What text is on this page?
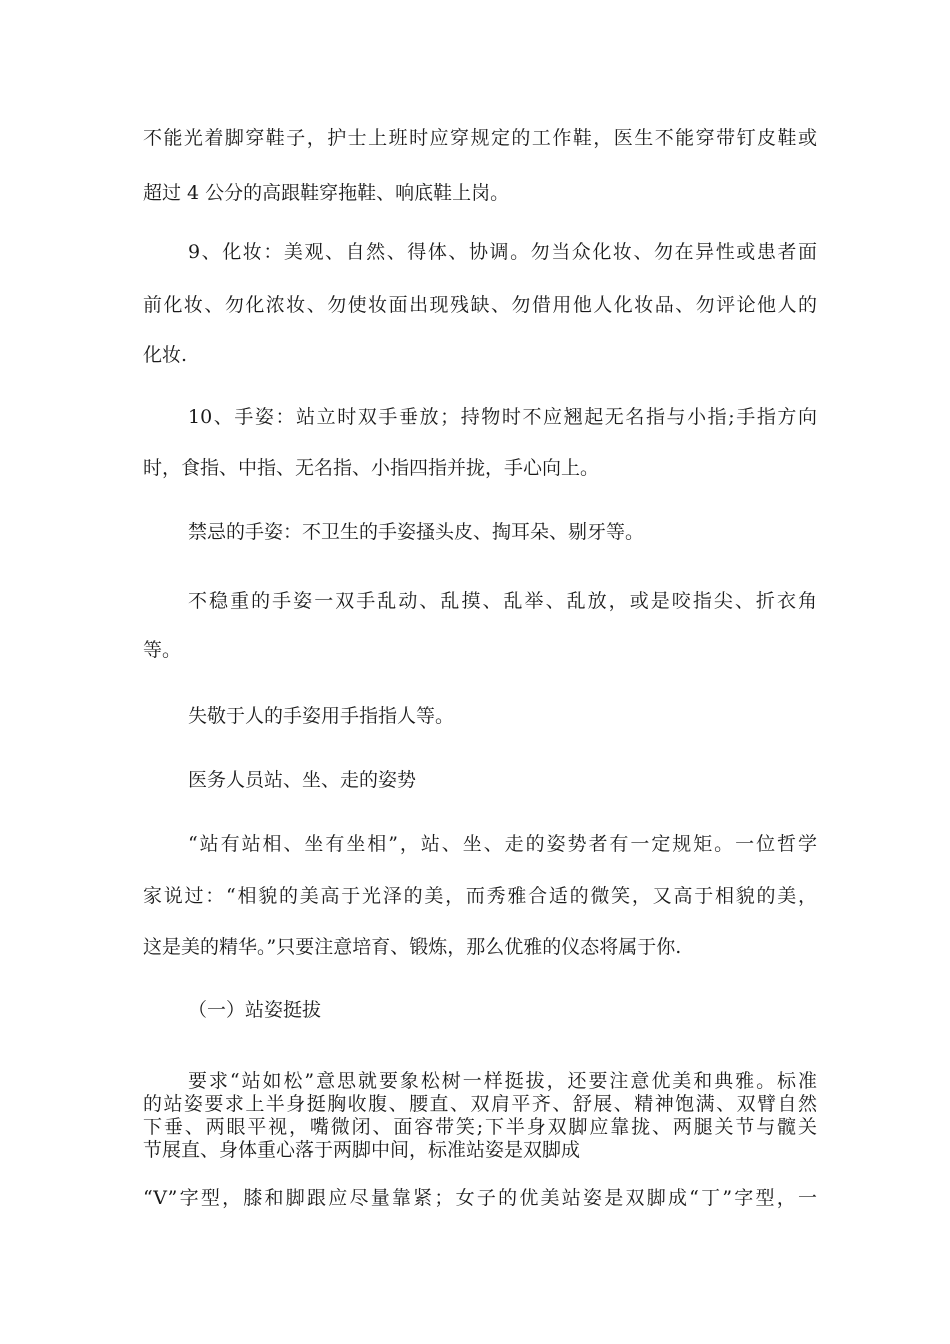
不能光着脚穿鞋子，护士上班时应穿规定的工作鞋，医生不能穿带钉皮鞋或
超过 4 公分的高跟鞋穿拖鞋、响底鞋上岗。
9、化妆：美观、自然、得体、协调。勿当众化妆、勿在异性或患者面
前化妆、勿化浓妆、勿使妆面出现残缺、勿借用他人化妆品、勿评论他人的
化妆.
10、手姿：站立时双手垂放；持物时不应翘起无名指与小指;手指方向
时，食指、中指、无名指、小指四指并拢，手心向上。
禁忌的手姿：不卫生的手姿搔头皮、掏耳朵、剔牙等。
不稳重的手姿一双手乱动、乱摸、乱举、乱放，或是咬指尖、折衣角
等。
失敬于人的手姿用手指指人等。
医务人员站、坐、走的姿势
“站有站相、坐有坐相”，站、坐、走的姿势者有一定规矩。一位哲学
家说过：“相貌的美高于光泽的美，而秀雅合适的微笑，又高于相貌的美，
这是美的精华。”只要注意培育、锻炼，那么优雅的仪态将属于你.
（一）站姿挺拔
要求“站如松”意思就要象松树一样挺拔，还要注意优美和典雅。标准
的站姿要求上半身挺胸收腹、腰直、双肩平齐、舒展、精神饱满、双臂自然
下垂、两眼平视，嘴微闭、面容带笑;下半身双脚应靠拢、两腿关节与髋关
节展直、身体重心落于两脚中间，标准站姿是双脚成
“V”字型，膝和脚跟应尽量靠紧；女子的优美站姿是双脚成“丁”字型，一
